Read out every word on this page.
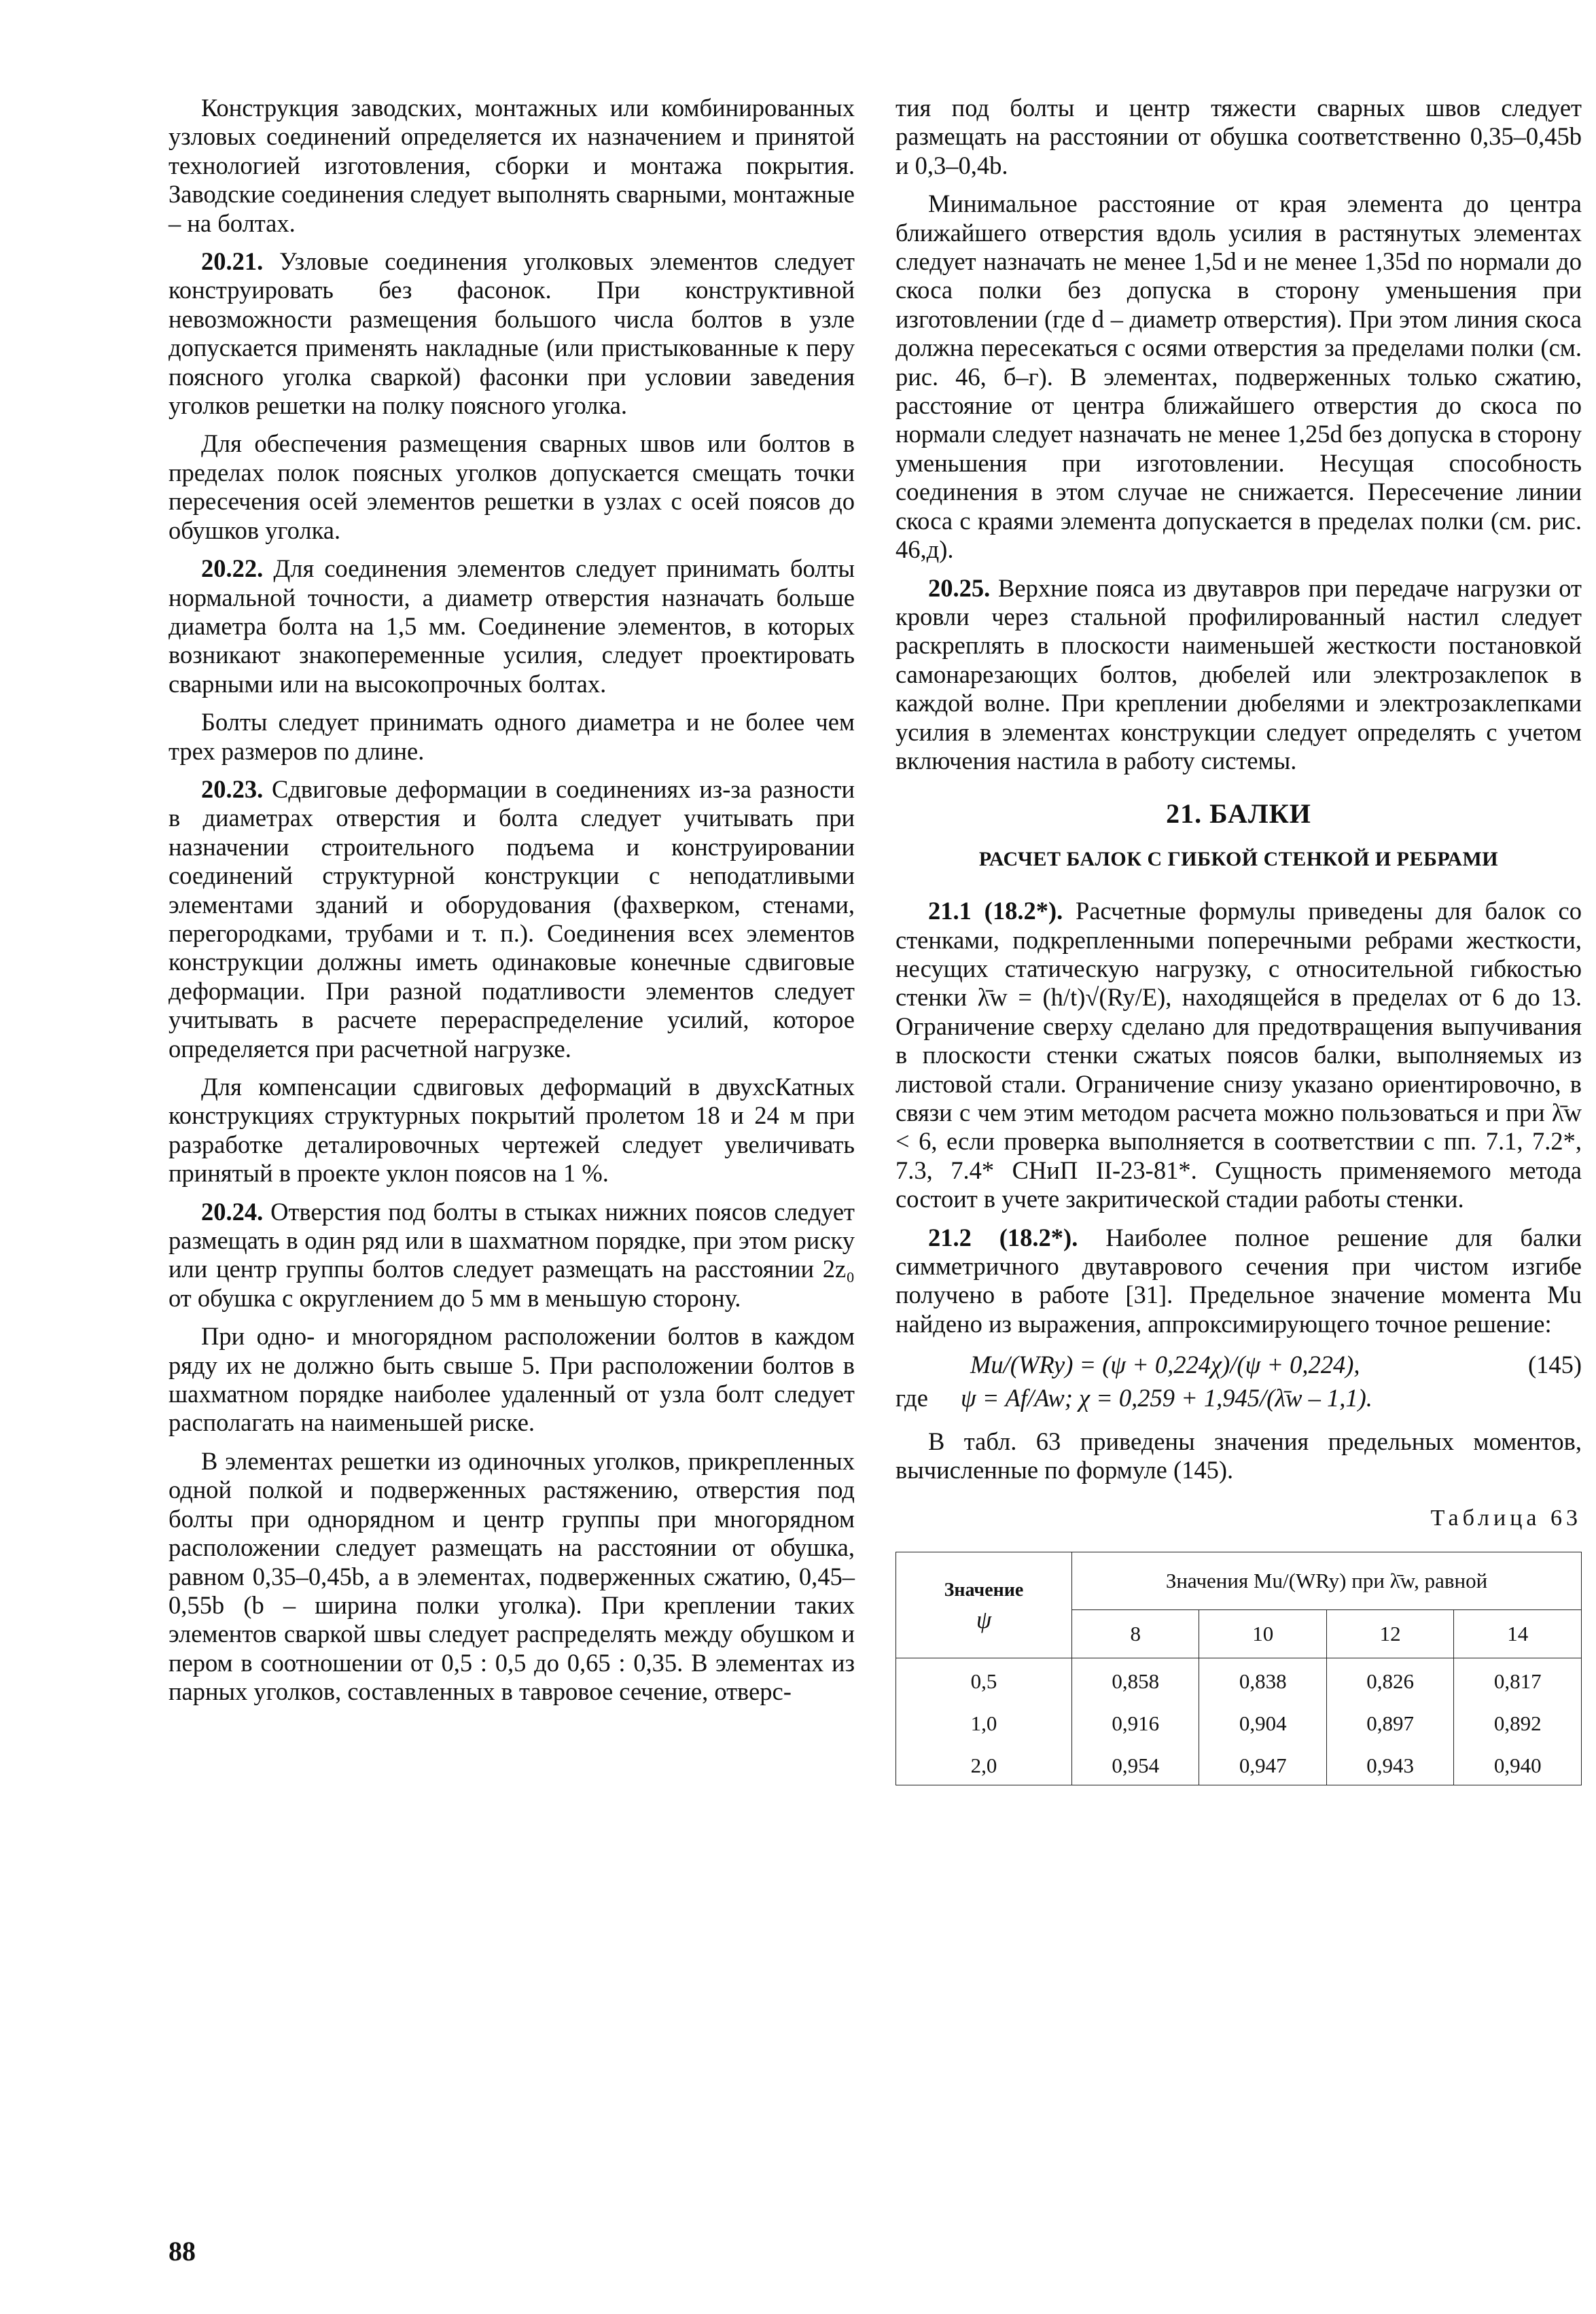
Конструкция заводских, монтажных или комбинированных узловых соединений определяется их назначением и принятой технологией изготовления, сборки и монтажа покрытия. Заводские соединения следует выполнять сварными, монтажные – на болтах.

20.21. Узловые соединения уголковых элементов следует конструировать без фасонок. При конструктивной невозможности размещения большого числа болтов в узле допускается применять накладные (или пристыкованные к перу поясного уголка сваркой) фасонки при условии заведения уголков решетки на полку поясного уголка.

Для обеспечения размещения сварных швов или болтов в пределах полок поясных уголков допускается смещать точки пересечения осей элементов решетки в узлах с осей поясов до обушков уголка.

20.22. Для соединения элементов следует принимать болты нормальной точности, а диаметр отверстия назначать больше диаметра болта на 1,5 мм. Соединение элементов, в которых возникают знакопеременные усилия, следует проектировать сварными или на высокопрочных болтах.

Болты следует принимать одного диаметра и не более чем трех размеров по длине.

20.23. Сдвиговые деформации в соединениях из-за разности в диаметрах отверстия и болта следует учитывать при назначении строительного подъема и конструировании соединений структурной конструкции с неподатливыми элементами зданий и оборудования (фахверком, стенами, перегородками, трубами и т. п.). Соединения всех элементов конструкции должны иметь одинаковые конечные сдвиговые деформации. При разной податливости элементов следует учитывать в расчете перераспределение усилий, которое определяется при расчетной нагрузке.

Для компенсации сдвиговых деформаций в двухсКатных конструкциях структурных покрытий пролетом 18 и 24 м при разработке деталировочных чертежей следует увеличивать принятый в проекте уклон поясов на 1 %.

20.24. Отверстия под болты в стыках нижних поясов следует размещать в один ряд или в шахматном порядке, при этом риску или центр группы болтов следует размещать на расстоянии 2z₀ от обушка с округлением до 5 мм в меньшую сторону.

При одно- и многорядном расположении болтов в каждом ряду их не должно быть свыше 5. При расположении болтов в шахматном порядке наиболее удаленный от узла болт следует располагать на наименьшей риске.

В элементах решетки из одиночных уголков, прикрепленных одной полкой и подверженных растяжению, отверстия под болты при однорядном и центр группы при многорядном расположении следует размещать на расстоянии от обушка, равном 0,35–0,45b, а в элементах, подверженных сжатию, 0,45–0,55b (b – ширина полки уголка). При креплении таких элементов сваркой швы следует распределять между обушком и пером в соотношении от 0,5 : 0,5 до 0,65 : 0,35. В элементах из парных уголков, составленных в тавровое сечение, отверс-

тия под болты и центр тяжести сварных швов следует размещать на расстоянии от обушка соответственно 0,35–0,45b и 0,3–0,4b.

Минимальное расстояние от края элемента до центра ближайшего отверстия вдоль усилия в растянутых элементах следует назначать не менее 1,5d и не менее 1,35d по нормали до скоса полки без допуска в сторону уменьшения при изготовлении (где d – диаметр отверстия). При этом линия скоса должна пересекаться с осями отверстия за пределами полки (см. рис. 46, б–г). В элементах, подверженных только сжатию, расстояние от центра ближайшего отверстия до скоса по нормали следует назначать не менее 1,25d без допуска в сторону уменьшения при изготовлении. Несущая способность соединения в этом случае не снижается. Пересечение линии скоса с краями элемента допускается в пределах полки (см. рис. 46,д).

20.25. Верхние пояса из двутавров при передаче нагрузки от кровли через стальной профилированный настил следует раскреплять в плоскости наименьшей жесткости постановкой самонарезающих болтов, дюбелей или электрозаклепок в каждой волне. При креплении дюбелями и электрозаклепками усилия в элементах конструкции следует определять с учетом включения настила в работу системы.

21. БАЛКИ
РАСЧЕТ БАЛОК С ГИБКОЙ СТЕНКОЙ И РЕБРАМИ

21.1 (18.2*). Расчетные формулы приведены для балок со стенками, подкрепленными поперечными ребрами жесткости, несущих статическую нагрузку, с относительной гибкостью стенки λ̄w = (h/t)√(Ry/E), находящейся в пределах от 6 до 13. Ограничение сверху сделано для предотвращения выпучивания в плоскости стенки сжатых поясов балки, выполняемых из листовой стали. Ограничение снизу указано ориентировочно, в связи с чем этим методом расчета можно пользоваться и при λ̄w < 6, если проверка выполняется в соответствии с пп. 7.1, 7.2*, 7.3, 7.4* СНиП II-23-81*. Сущность применяемого метода состоит в учете закритической стадии работы стенки.

21.2 (18.2*). Наиболее полное решение для балки симметричного двутаврового сечения при чистом изгибе получено в работе [31]. Предельное значение момента Mu найдено из выражения, аппроксимирующего точное решение:

Mu/(WRy) = (ψ + 0,224χ)/(ψ + 0,224),	(145)
где ψ = Af/Aw; χ = 0,259 + 1,945/(λ̄w – 1,1).

В табл. 63 приведены значения предельных моментов, вычисленные по формуле (145).

Таблица 63
Значение
ψ	Значения Mu/(WRy) при λ̄w, равной			
	8	10	12	14
0,5	0,858	0,838	0,826	0,817
1,0	0,916	0,904	0,897	0,892
2,0	0,954	0,947	0,943	0,940
88
